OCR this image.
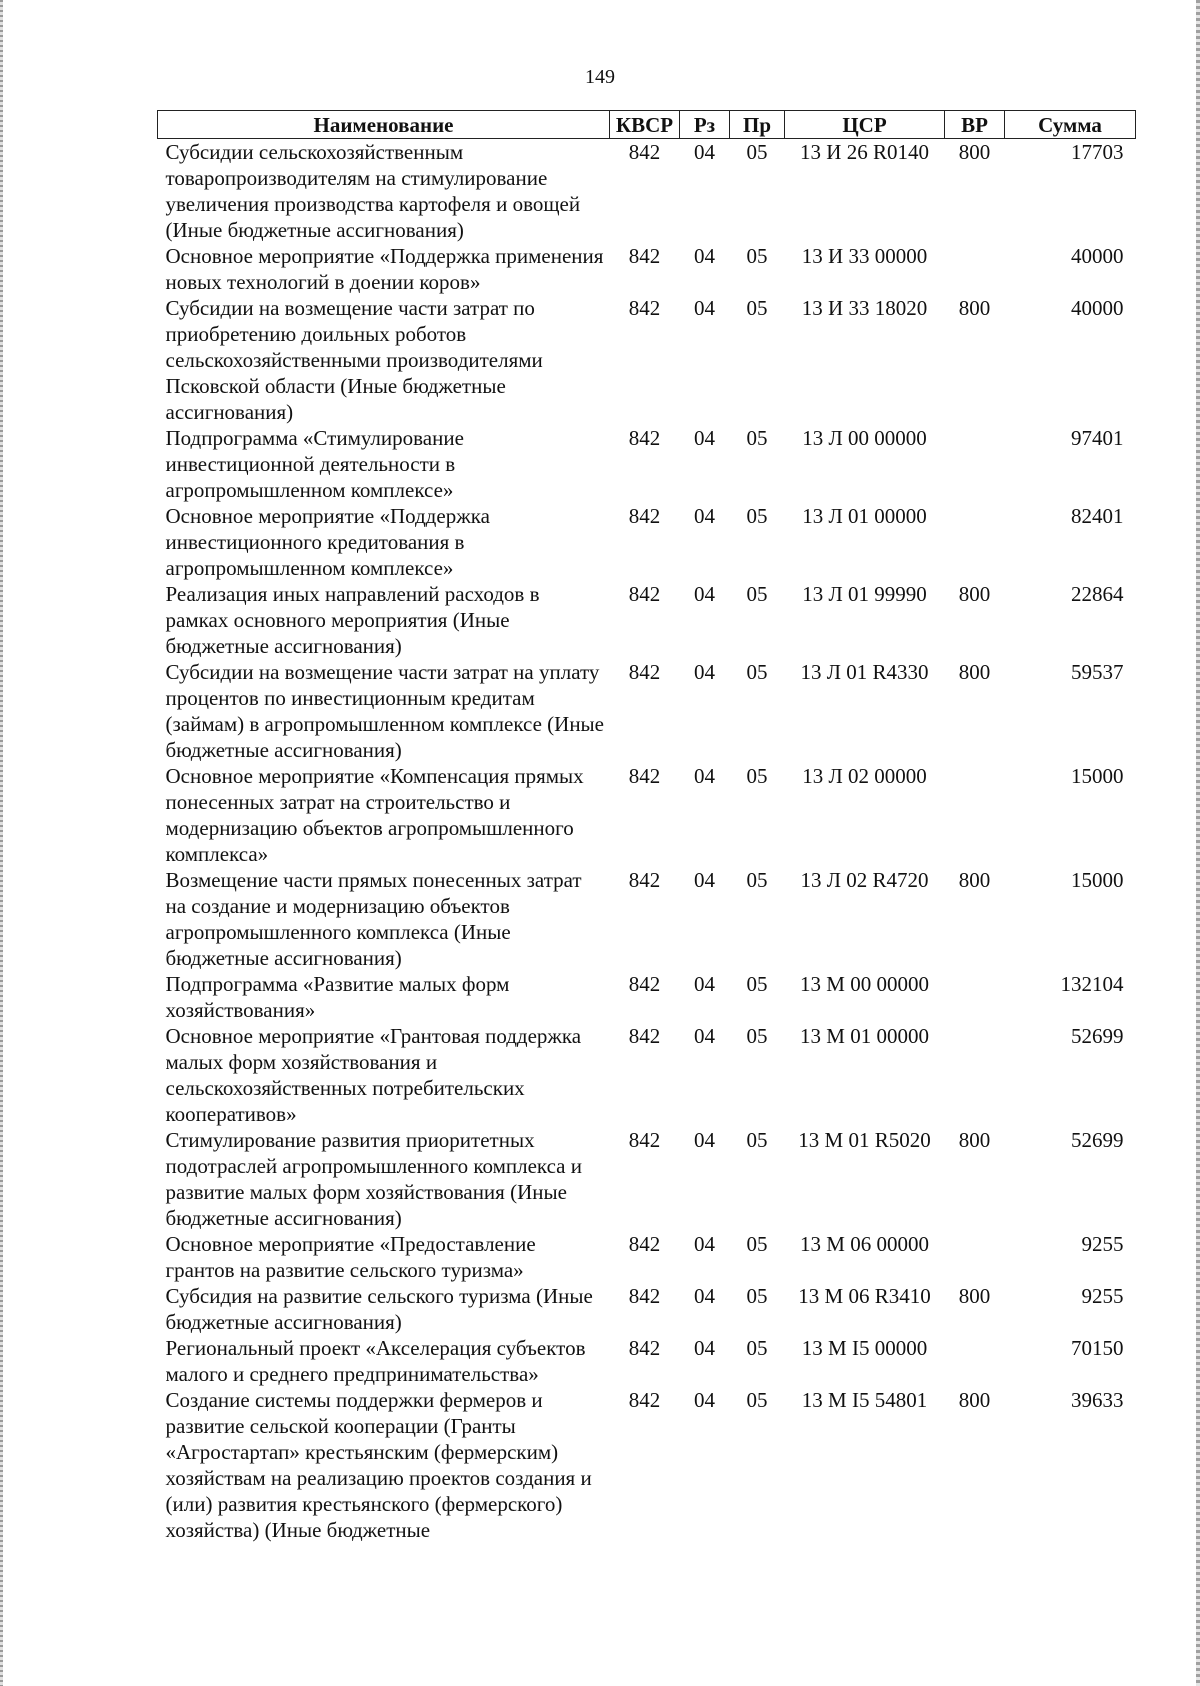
149
Наименование	КВСР	Рз	Пр	ЦСР	ВР	Сумма
Субсидии сельскохозяйственным товаропроизводителям на стимулирование увеличения производства картофеля и овощей (Иные бюджетные ассигнования)	842	04	05	13 И 26 R0140	800	17703
Основное мероприятие «Поддержка применения новых технологий в доении коров»	842	04	05	13 И 33 00000		40000
Субсидии на возмещение части затрат по приобретению доильных роботов сельскохозяйственными производителями Псковской области (Иные бюджетные ассигнования)	842	04	05	13 И 33 18020	800	40000
Подпрограмма «Стимулирование инвестиционной деятельности в агропромышленном комплексе»	842	04	05	13 Л 00 00000		97401
Основное мероприятие «Поддержка инвестиционного кредитования в агропромышленном комплексе»	842	04	05	13 Л 01 00000		82401
Реализация иных направлений расходов в рамках основного мероприятия (Иные бюджетные ассигнования)	842	04	05	13 Л 01 99990	800	22864
Субсидии на возмещение части затрат на уплату процентов по инвестиционным кредитам (займам) в агропромышленном комплексе (Иные бюджетные ассигнования)	842	04	05	13 Л 01 R4330	800	59537
Основное мероприятие «Компенсация прямых понесенных затрат на строительство и модернизацию объектов агропромышленного комплекса»	842	04	05	13 Л 02 00000		15000
Возмещение части прямых понесенных затрат на создание и модернизацию объектов агропромышленного комплекса (Иные бюджетные ассигнования)	842	04	05	13 Л 02 R4720	800	15000
Подпрограмма «Развитие малых форм хозяйствования»	842	04	05	13 М 00 00000		132104
Основное мероприятие «Грантовая поддержка малых форм хозяйствования и сельскохозяйственных потребительских кооперативов»	842	04	05	13 М 01 00000		52699
Стимулирование развития приоритетных подотраслей агропромышленного комплекса и развитие малых форм хозяйствования (Иные бюджетные ассигнования)	842	04	05	13 М 01 R5020	800	52699
Основное мероприятие «Предоставление грантов на развитие сельского туризма»	842	04	05	13 М 06 00000		9255
Субсидия на развитие сельского туризма (Иные бюджетные ассигнования)	842	04	05	13 М 06 R3410	800	9255
Региональный проект «Акселерация субъектов малого и среднего предпринимательства»	842	04	05	13 М I5 00000		70150
Создание системы поддержки фермеров и развитие сельской кооперации (Гранты «Агростартап» крестьянским (фермерским) хозяйствам на реализацию проектов создания и (или) развития крестьянского (фермерского) хозяйства) (Иные бюджетные	842	04	05	13 М I5 54801	800	39633
